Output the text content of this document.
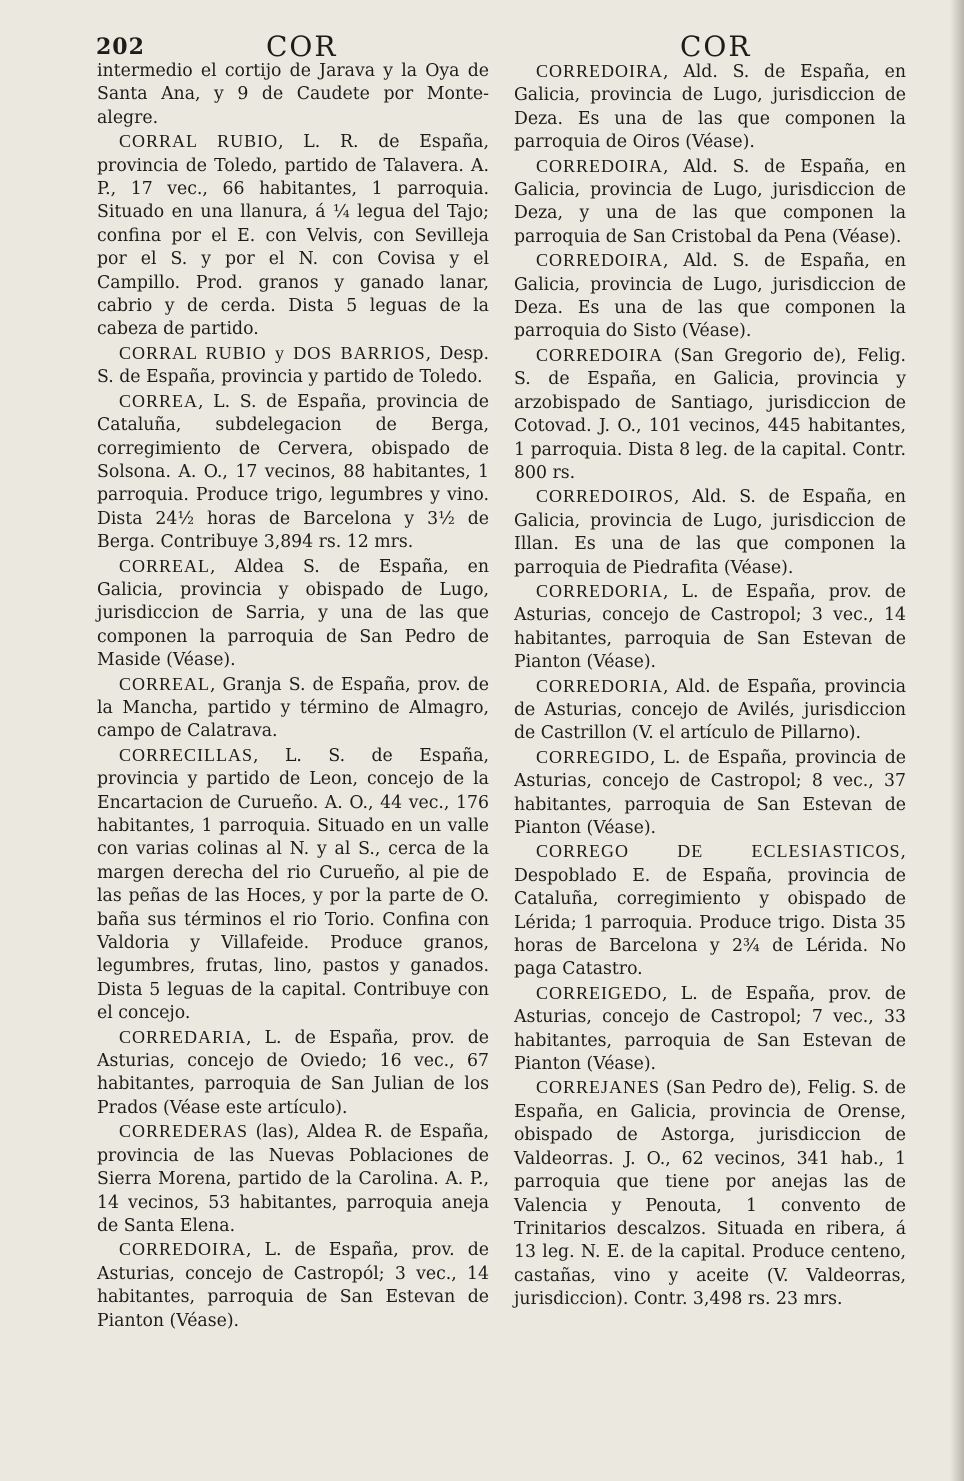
202	COR	COR

intermedio el cortijo de Jarava y la Oya de Santa Ana, y 9 de Caudete por Monte-alegre.

CORRAL RUBIO, L. R. de España, provincia de Toledo, partido de Talavera. A. P., 17 vec., 66 habitantes, 1 parroquia. Situado en una llanura, á ¼ legua del Tajo; confina por el E. con Velvis, con Sevilleja por el S. y por el N. con Covisa y el Campillo. Prod. granos y ganado lanar, cabrio y de cerda. Dista 5 leguas de la cabeza de partido.

CORRAL RUBIO y DOS BARRIOS, Desp. S. de España, provincia y partido de Toledo.

CORREA, L. S. de España, provincia de Cataluña, subdelegacion de Berga, corregimiento de Cervera, obispado de Solsona. A. O., 17 vecinos, 88 habitantes, 1 parroquia. Produce trigo, legumbres y vino. Dista 24½ horas de Barcelona y 3½ de Berga. Contribuye 3,894 rs. 12 mrs.

CORREAL, Aldea S. de España, en Galicia, provincia y obispado de Lugo, jurisdiccion de Sarria, y una de las que componen la parroquia de San Pedro de Maside (Véase).

CORREAL, Granja S. de España, prov. de la Mancha, partido y término de Almagro, campo de Calatrava.

CORRECILLAS, L. S. de España, provincia y partido de Leon, concejo de la Encartacion de Curueño. A. O., 44 vec., 176 habitantes, 1 parroquia. Situado en un valle con varias colinas al N. y al S., cerca de la margen derecha del rio Curueño, al pie de las peñas de las Hoces, y por la parte de O. baña sus términos el rio Torio. Confina con Valdoria y Villafeide. Produce granos, legumbres, frutas, lino, pastos y ganados. Dista 5 leguas de la capital. Contribuye con el concejo.

CORREDARIA, L. de España, prov. de Asturias, concejo de Oviedo; 16 vec., 67 habitantes, parroquia de San Julian de los Prados (Véase este artículo).

CORREDERAS (las), Aldea R. de España, provincia de las Nuevas Poblaciones de Sierra Morena, partido de la Carolina. A. P., 14 vecinos, 53 habitantes, parroquia aneja de Santa Elena.

CORREDOIRA, L. de España, prov. de Asturias, concejo de Castropól; 3 vec., 14 habitantes, parroquia de San Estevan de Pianton (Véase).

CORREDOIRA, Ald. S. de España, en Galicia, provincia de Lugo, jurisdiccion de Deza. Es una de las que componen la parroquia de Oiros (Véase).

CORREDOIRA, Ald. S. de España, en Galicia, provincia de Lugo, jurisdiccion de Deza, y una de las que componen la parroquia de San Cristobal da Pena (Véase).

CORREDOIRA, Ald. S. de España, en Galicia, provincia de Lugo, jurisdiccion de Deza. Es una de las que componen la parroquia do Sisto (Véase).

CORREDOIRA (San Gregorio de), Felig. S. de España, en Galicia, provincia y arzobispado de Santiago, jurisdiccion de Cotovad. J. O., 101 vecinos, 445 habitantes, 1 parroquia. Dista 8 leg. de la capital. Contr. 800 rs.

CORREDOIROS, Ald. S. de España, en Galicia, provincia de Lugo, jurisdiccion de Illan. Es una de las que componen la parroquia de Piedrafita (Véase).

CORREDORIA, L. de España, prov. de Asturias, concejo de Castropol; 3 vec., 14 habitantes, parroquia de San Estevan de Pianton (Véase).

CORREDORIA, Ald. de España, provincia de Asturias, concejo de Avilés, jurisdiccion de Castrillon (V. el artículo de Pillarno).

CORREGIDO, L. de España, provincia de Asturias, concejo de Castropol; 8 vec., 37 habitantes, parroquia de San Estevan de Pianton (Véase).

CORREGO DE ECLESIASTICOS, Despoblado E. de España, provincia de Cataluña, corregimiento y obispado de Lérida; 1 parroquia. Produce trigo. Dista 35 horas de Barcelona y 2¾ de Lérida. No paga Catastro.

CORREIGEDO, L. de España, prov. de Asturias, concejo de Castropol; 7 vec., 33 habitantes, parroquia de San Estevan de Pianton (Véase).

CORREJANES (San Pedro de), Felig. S. de España, en Galicia, provincia de Orense, obispado de Astorga, jurisdiccion de Valdeorras. J. O., 62 vecinos, 341 hab., 1 parroquia que tiene por anejas las de Valencia y Penouta, 1 convento de Trinitarios descalzos. Situada en ribera, á 13 leg. N. E. de la capital. Produce centeno, castañas, vino y aceite (V. Valdeorras, jurisdiccion). Contr. 3,498 rs. 23 mrs.
